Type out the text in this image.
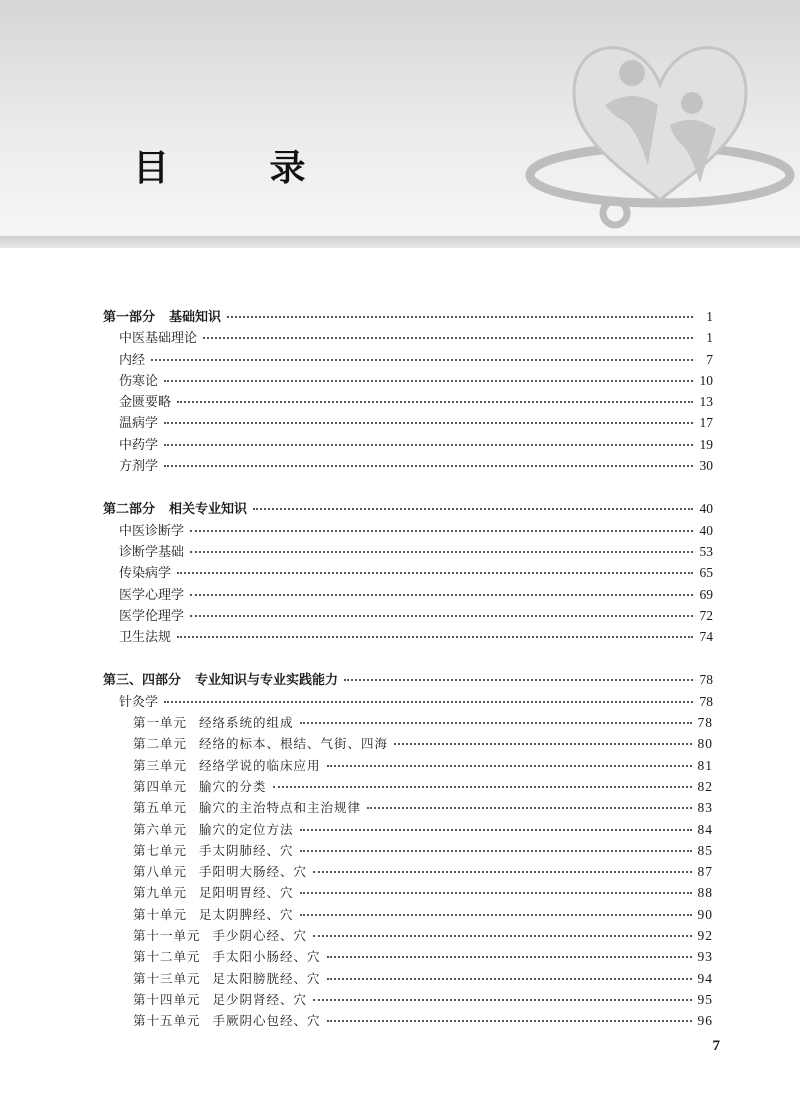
目 录
第一部分 基础知识	1
中医基础理论	1
内经	7
伤寒论	10
金匮要略	13
温病学	17
中药学	19
方剂学	30
第二部分 相关专业知识	40
中医诊断学	40
诊断学基础	53
传染病学	65
医学心理学	69
医学伦理学	72
卫生法规	74
第三、四部分 专业知识与专业实践能力	78
针灸学	78
第一单元 经络系统的组成	78
第二单元 经络的标本、根结、气街、四海	80
第三单元 经络学说的临床应用	81
第四单元 腧穴的分类	82
第五单元 腧穴的主治特点和主治规律	83
第六单元 腧穴的定位方法	84
第七单元 手太阴肺经、穴	85
第八单元 手阳明大肠经、穴	87
第九单元 足阳明胃经、穴	88
第十单元 足太阴脾经、穴	90
第十一单元 手少阴心经、穴	92
第十二单元 手太阳小肠经、穴	93
第十三单元 足太阳膀胱经、穴	94
第十四单元 足少阴肾经、穴	95
第十五单元 手厥阴心包经、穴	96
7
